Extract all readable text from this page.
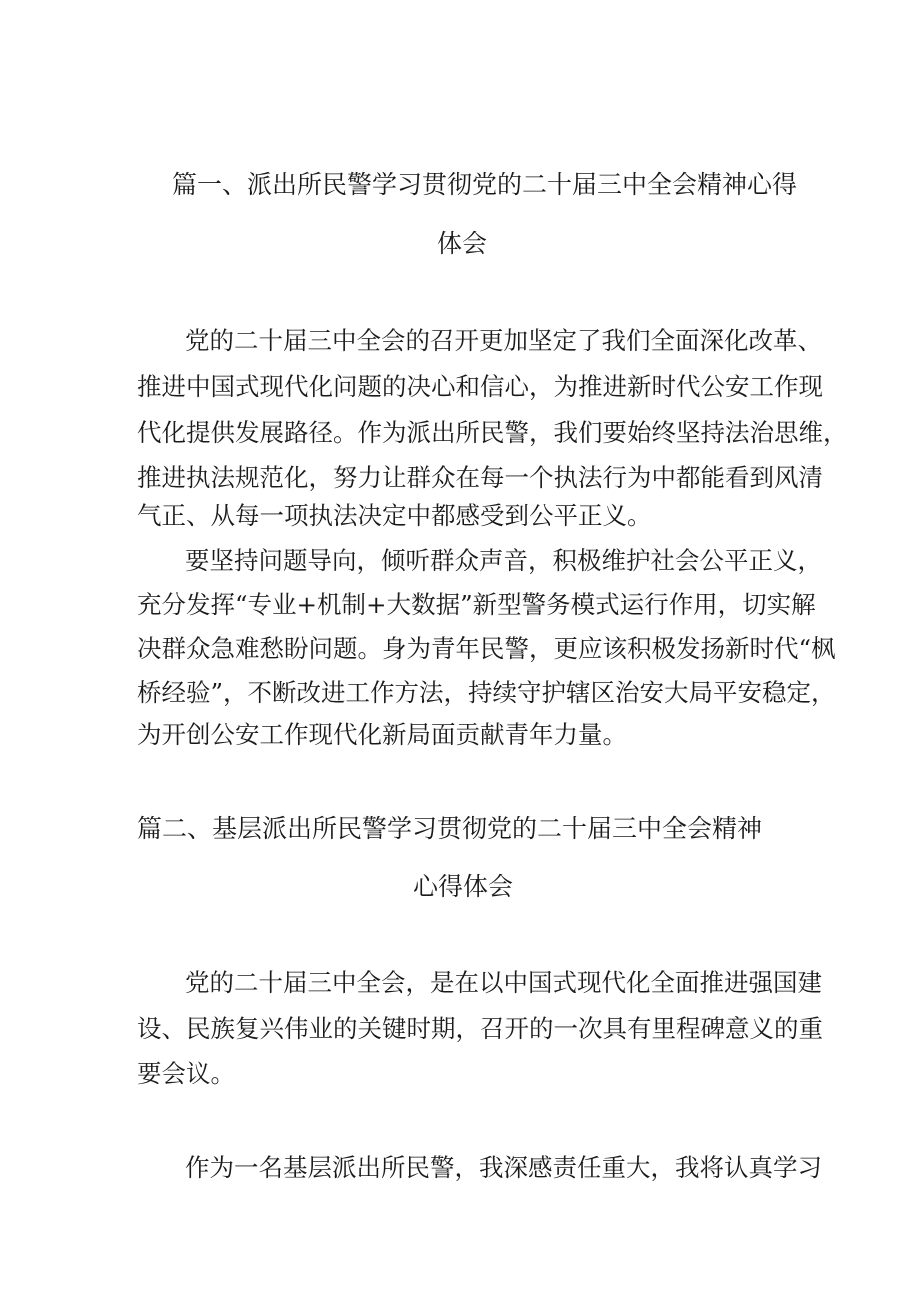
篇一、派出所民警学习贯彻党的二十届三中全会精神心得
体会
党的二十届三中全会的召开更加坚定了我们全面深化改革、
推进中国式现代化问题的决心和信心，为推进新时代公安工作现
代化提供发展路径。作为派出所民警，我们要始终坚持法治思维，
推进执法规范化，努力让群众在每一个执法行为中都能看到风清
气正、从每一项执法决定中都感受到公平正义。
要坚持问题导向，倾听群众声音，积极维护社会公平正义，
充分发挥“专业+机制+大数据”新型警务模式运行作用，切实解
决群众急难愁盼问题。身为青年民警，更应该积极发扬新时代“枫
桥经验”，不断改进工作方法，持续守护辖区治安大局平安稳定，
为开创公安工作现代化新局面贡献青年力量。
篇二、基层派出所民警学习贯彻党的二十届三中全会精神
心得体会
党的二十届三中全会，是在以中国式现代化全面推进强国建
设、民族复兴伟业的关键时期，召开的一次具有里程碑意义的重
要会议。
作为一名基层派出所民警，我深感责任重大，我将认真学习
